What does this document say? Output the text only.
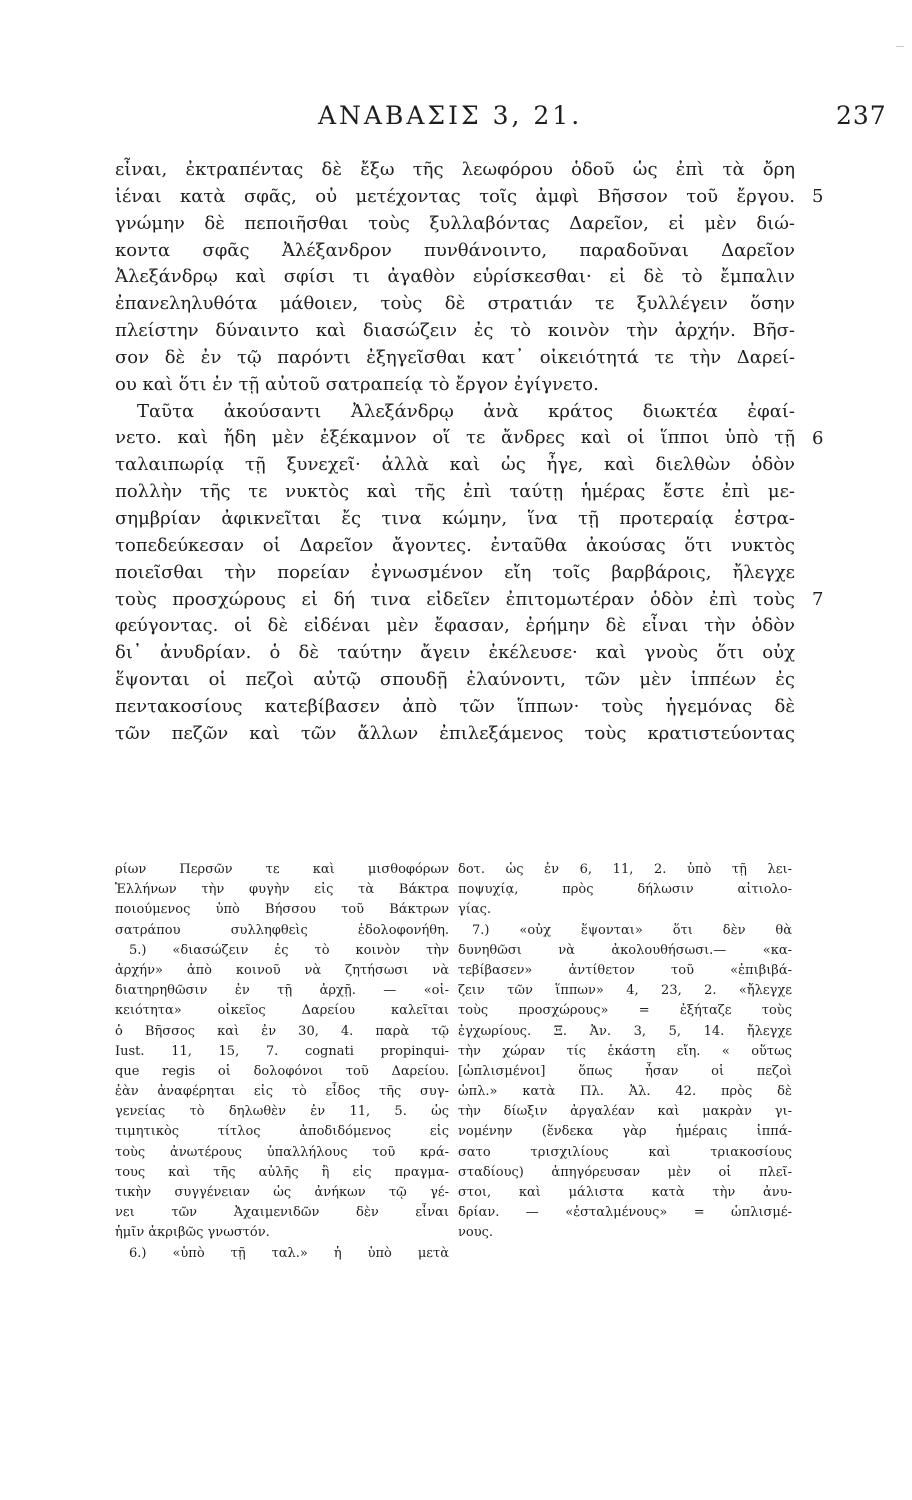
ΑΝΑΒΑΣΙΣ 3, 21.	237
εἶναι, ἐκτραπέντας δὲ ἔξω τῆς λεωφόρου ὁδοῦ ὡς ἐπὶ τὰ ὄρη
ἰέναι κατὰ σφᾶς, οὐ μετέχοντας τοῖς ἀμφὶ Βῆσσον τοῦ ἔργου.
γνώμην δὲ πεποιῆσθαι τοὺς ξυλλαβόντας Δαρεῖον, εἰ μὲν διώ-
κοντα σφᾶς Ἀλέξανδρον πυνθάνοιντο, παραδοῦναι Δαρεῖον
Ἀλεξάνδρῳ καὶ σφίσι τι ἀγαθὸν εὑρίσκεσθαι· εἰ δὲ τὸ ἔμπαλιν
ἐπανεληλυθότα μάθοιεν, τοὺς δὲ στρατιάν τε ξυλλέγειν ὅσην
πλείστην δύναιντο καὶ διασώζειν ἐς τὸ κοινὸν τὴν ἀρχήν. Βῆσ-
σον δὲ ἐν τῷ παρόντι ἐξηγεῖσθαι κατ᾽ οἰκειότητά τε τὴν Δαρεί-
ου καὶ ὅτι ἐν τῇ αὐτοῦ σατραπείᾳ τὸ ἔργον ἐγίγνετο.
Ταῦτα ἀκούσαντι Ἀλεξάνδρῳ ἀνὰ κράτος διωκτέα ἐφαί-
νετο. καὶ ἤδη μὲν ἐξέκαμνον οἵ τε ἄνδρες καὶ οἱ ἵπποι ὑπὸ τῇ
ταλαιπωρίᾳ τῇ ξυνεχεῖ· ἀλλὰ καὶ ὡς ἦγε, καὶ διελθὼν ὁδὸν
πολλὴν τῆς τε νυκτὸς καὶ τῆς ἐπὶ ταύτῃ ἡμέρας ἔστε ἐπὶ με-
σημβρίαν ἀφικνεῖται ἔς τινα κώμην, ἵνα τῇ προτεραίᾳ ἐστρα-
τοπεδεύκεσαν οἱ Δαρεῖον ἄγοντες. ἐνταῦθα ἀκούσας ὅτι νυκτὸς
ποιεῖσθαι τὴν πορείαν ἐγνωσμένον εἴη τοῖς βαρβάροις, ἤλεγχε
τοὺς προσχώρους εἰ δή τινα εἰδεῖεν ἐπιτομωτέραν ὁδὸν ἐπὶ τοὺς
φεύγοντας. οἱ δὲ εἰδέναι μὲν ἔφασαν, ἐρήμην δὲ εἶναι τὴν ὁδὸν
δι᾽ ἀνυδρίαν. ὁ δὲ ταύτην ἄγειν ἐκέλευσε· καὶ γνοὺς ὅτι οὐχ
ἕψονται οἱ πεζοὶ αὐτῷ σπουδῇ ἐλαύνοντι, τῶν μὲν ἱππέων ἐς
πεντακοσίους κατεβίβασεν ἀπὸ τῶν ἵππων· τοὺς ἡγεμόνας δὲ
τῶν πεζῶν καὶ τῶν ἄλλων ἐπιλεξάμενος τοὺς κρατιστεύοντας
5
6
7
ρίων Περσῶν τε καὶ μισθοφόρων
Ἑλλήνων τὴν φυγὴν εἰς τὰ Βάκτρα
ποιούμενος ὑπὸ Βήσσου τοῦ Βάκτρων
σατράπου συλληφθεὶς ἐδολοφονήθη.
5.) «διασώζειν ἐς τὸ κοινὸν τὴν
ἀρχήν» ἀπὸ κοινοῦ νὰ ζητήσωσι νὰ
διατηρηθῶσιν ἐν τῇ ἀρχῇ. — «οἰ-
κειότητα» οἰκεῖος Δαρείου καλεῖται
ὁ Βῆσσος καὶ ἐν 30, 4. παρὰ τῷ
Iust. 11, 15, 7. cognati propinqui-
que regis οἱ δολοφόνοι τοῦ Δαρείου.
ἐὰν ἀναφέρηται εἰς τὸ εἶδος τῆς συγ-
γενείας τὸ δηλωθὲν ἐν 11, 5. ὡς
τιμητικὸς τίτλος ἀποδιδόμενος εἰς
τοὺς ἀνωτέρους ὑπαλλήλους τοῦ κρά-
τους καὶ τῆς αὐλῆς ἢ εἰς πραγμα-
τικὴν συγγένειαν ὡς ἀνήκων τῷ γέ-
νει τῶν Ἀχαιμενιδῶν δὲν εἶναι
ἡμῖν ἀκριβῶς γνωστόν.
6.) «ὑπὸ τῇ ταλ.» ἡ ὑπὸ μετὰ
δοτ. ὡς ἐν 6, 11, 2. ὑπὸ τῇ λει-
ποψυχίᾳ, πρὸς δήλωσιν αἰτιολο-
γίας.
7.) «οὐχ ἕψονται» ὅτι δὲν θὰ
δυνηθῶσι νὰ ἀκολουθήσωσι.— «κα-
τεβίβασεν» ἀντίθετον τοῦ «ἐπιβιβά-
ζειν τῶν ἵππων» 4, 23, 2. «ἤλεγχε
τοὺς προσχώρους» = ἐξήταζε τοὺς
ἐγχωρίους. Ξ. Ἀν. 3, 5, 14. ἤλεγχε
τὴν χώραν τίς ἑκάστη εἴη. « οὕτως
[ὡπλισμένοι] ὅπως ἦσαν οἱ πεζοὶ
ὡπλ.» κατὰ Πλ. Ἀλ. 42. πρὸς δὲ
τὴν δίωξιν ἀργαλέαν καὶ μακρὰν γι-
νομένην (ἕνδεκα γὰρ ἡμέραις ἱππά-
σατο τρισχιλίους καὶ τριακοσίους
σταδίους) ἀπηγόρευσαν μὲν οἱ πλεῖ-
στοι, καὶ μάλιστα κατὰ τὴν ἀνυ-
δρίαν. — «ἐσταλμένους» = ὡπλισμέ-
νους.
